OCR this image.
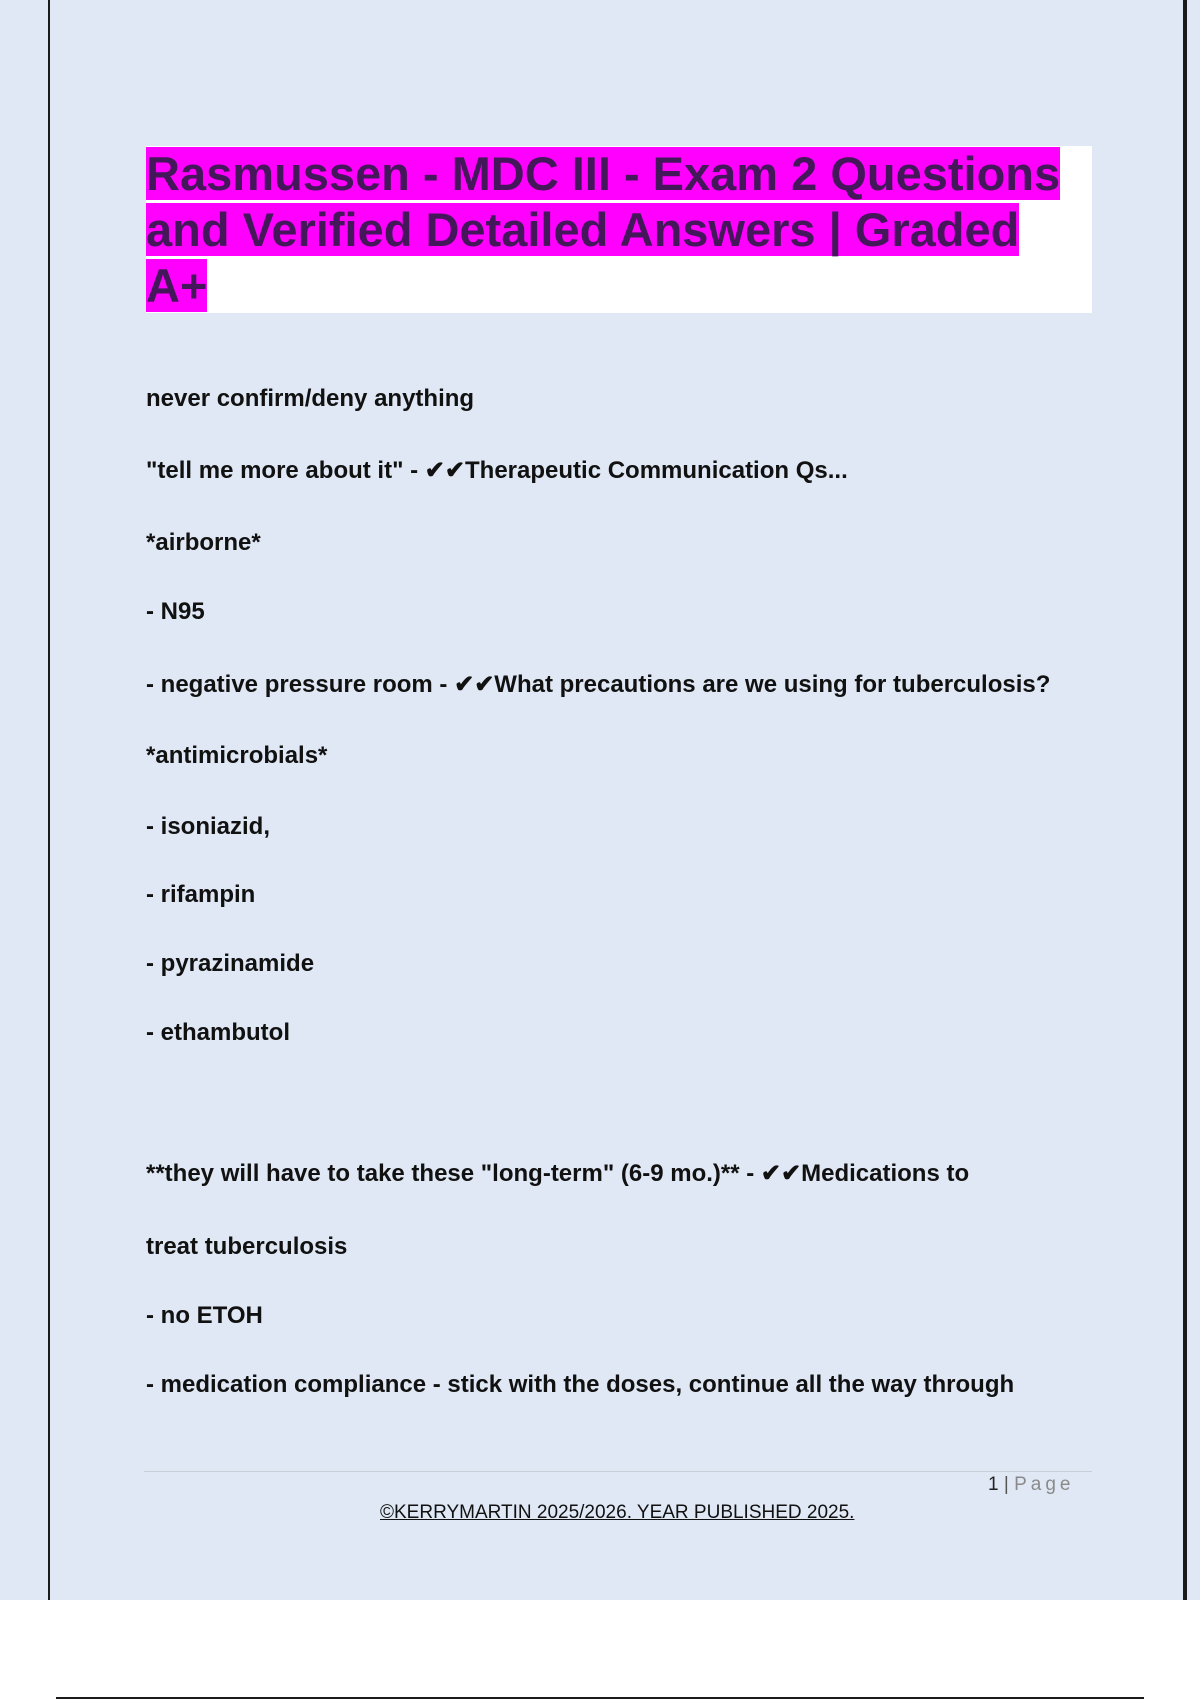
Rasmussen - MDC III - Exam 2 Questions and Verified Detailed Answers | Graded A+

never confirm/deny anything

"tell me more about it" - ✔✔Therapeutic Communication Qs...

*airborne*

- N95

- negative pressure room - ✔✔What precautions are we using for tuberculosis?

*antimicrobials*

- isoniazid,

- rifampin

- pyrazinamide

- ethambutol

**they will have to take these "long-term" (6-9 mo.)** - ✔✔Medications to

treat tuberculosis

- no ETOH

- medication compliance - stick with the doses, continue all the way through

1 | Page
©KERRYMARTIN 2025/2026. YEAR PUBLISHED 2025.
